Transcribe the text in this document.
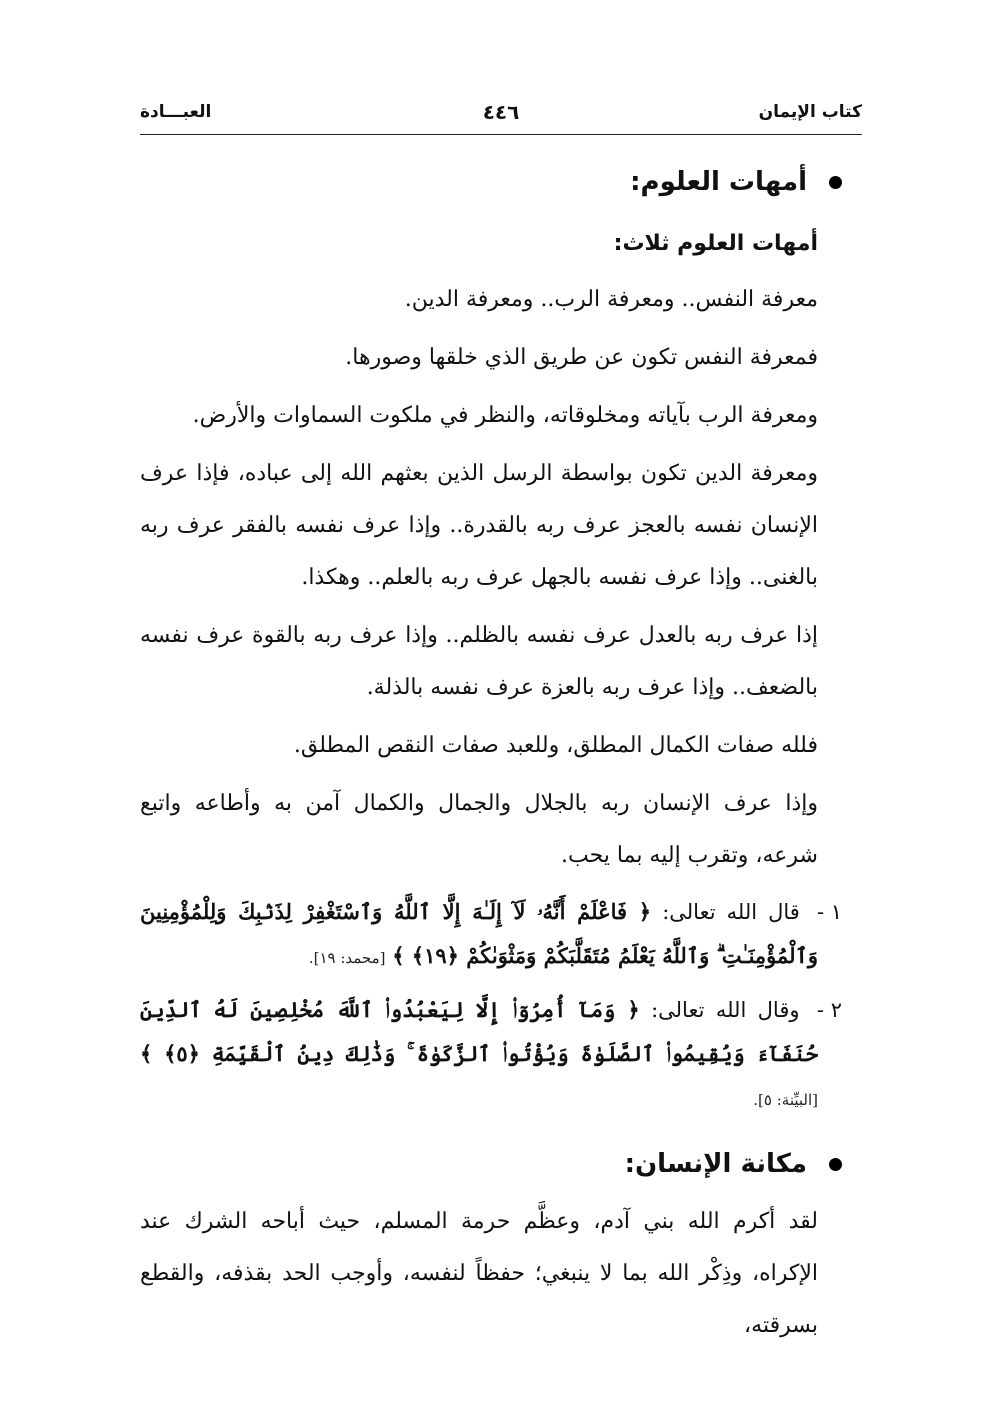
كتاب الإيمان
٤٤٦
العبـــادة
أمهات العلوم:
أمهات العلوم ثلاث:

معرفة النفس.. ومعرفة الرب.. ومعرفة الدين.

فمعرفة النفس تكون عن طريق الذي خلقها وصورها.

ومعرفة الرب بآياته ومخلوقاته، والنظر في ملكوت السماوات والأرض.

ومعرفة الدين تكون بواسطة الرسل الذين بعثهم الله إلى عباده، فإذا عرف الإنسان نفسه بالعجز عرف ربه بالقدرة.. وإذا عرف نفسه بالفقر عرف ربه بالغنى.. وإذا عرف نفسه بالجهل عرف ربه بالعلم.. وهكذا.

إذا عرف ربه بالعدل عرف نفسه بالظلم.. وإذا عرف ربه بالقوة عرف نفسه بالضعف.. وإذا عرف ربه بالعزة عرف نفسه بالذلة.

فلله صفات الكمال المطلق، وللعبد صفات النقص المطلق.

وإذا عرف الإنسان ربه بالجلال والجمال والكمال آمن به وأطاعه واتبع شرعه، وتقرب إليه بما يحب.

١ - قال الله تعالى: ﴿ فَاعْلَمْ أَنَّهُۥ لَآ إِلَـٰهَ إِلَّا ٱللَّهُ وَٱسْتَغْفِرْ لِذَنۢبِكَ وَلِلْمُؤْمِنِينَ وَٱلْمُؤْمِنَـٰتِ ۗ وَٱللَّهُ يَعْلَمُ مُتَقَلَّبَكُمْ وَمَثْوَىٰكُمْ ﴿١٩﴾ ﴾ [محمد: ١٩].
٢ - وقال الله تعالى: ﴿ وَمَآ أُمِرُوٓا۟ إِلَّا لِيَعْبُدُوا۟ ٱللَّهَ مُخْلِصِينَ لَهُ ٱلدِّينَ حُنَفَآءَ وَيُقِيمُوا۟ ٱلصَّلَوٰةَ وَيُؤْتُوا۟ ٱلزَّكَوٰةَ ۚ وَذَٰلِكَ دِينُ ٱلْقَيِّمَةِ ﴿٥﴾ ﴾ [البيِّنة: ٥].
مكانة الإنسان:

لقد أكرم الله بني آدم، وعظَّم حرمة المسلم، حيث أباحه الشرك عند الإكراه، وذِكْر الله بما لا ينبغي؛ حفظاً لنفسه، وأوجب الحد بقذفه، والقطع بسرقته،
